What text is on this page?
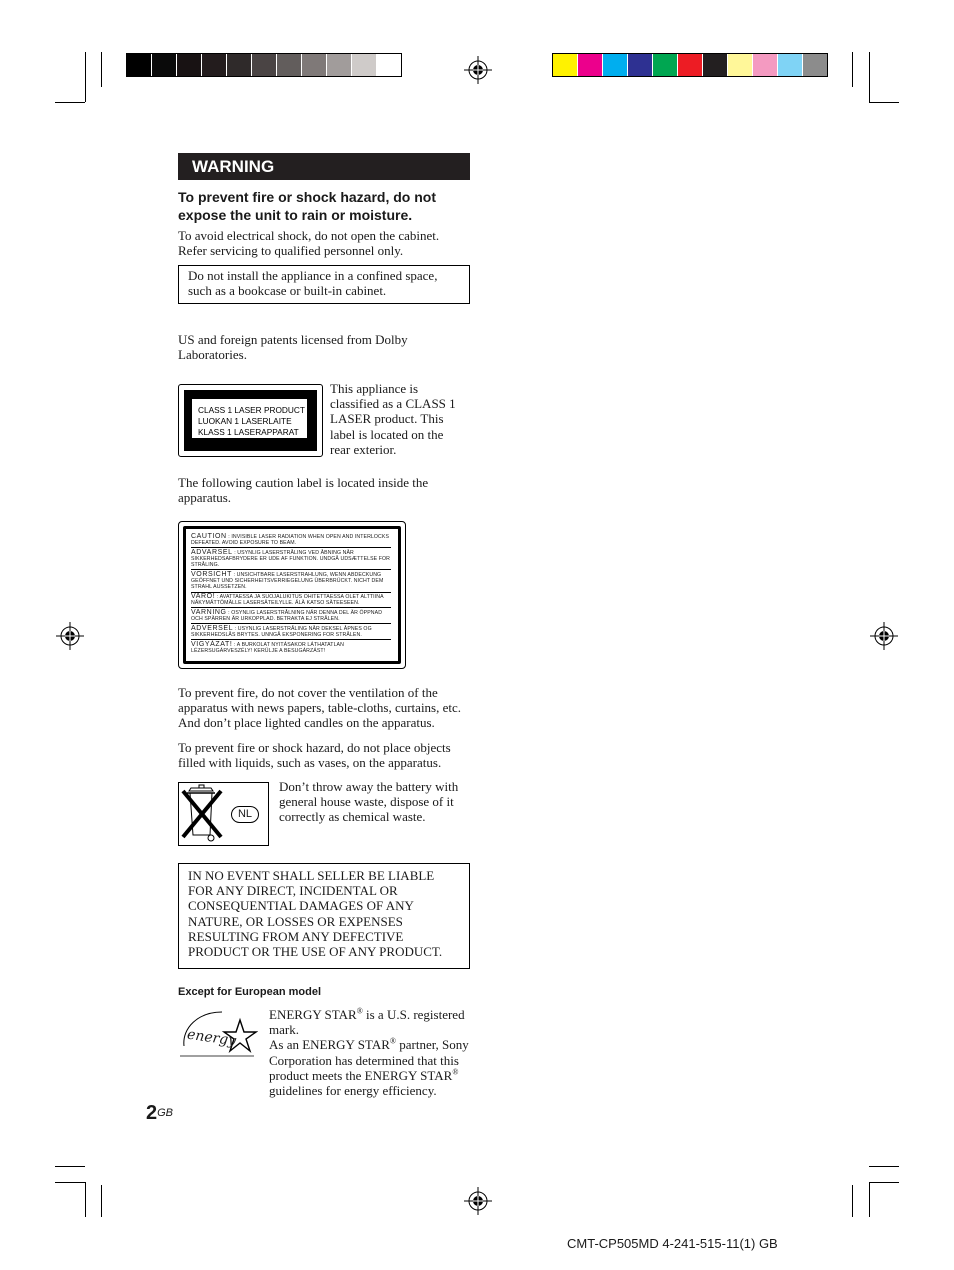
WARNING
To prevent fire or shock hazard, do not expose the unit to rain or moisture.
To avoid electrical shock, do not open the cabinet. Refer servicing to qualified personnel only.
Do not install the appliance in a confined space, such as a bookcase or built-in cabinet.
US and foreign patents licensed from Dolby Laboratories.
CLASS 1 LASER PRODUCT
LUOKAN 1 LASERLAITE
KLASS 1 LASERAPPARAT
This appliance is classified as a CLASS 1 LASER product. This label is located on the rear exterior.
The following caution label is located inside the apparatus.

CAUTION : INVISIBLE LASER RADIATION WHEN OPEN AND INTERLOCKS DEFEATED. AVOID EXPOSURE TO BEAM.

ADVARSEL : USYNLIG LASERSTRÅLING VED ÅBNING NÅR SIKKERHEDSAFBRYDERE ER UDE AF FUNKTION. UNDGÅ UDSÆTTELSE FOR STRÅLING.

VORSICHT : UNSICHTBARE LASERSTRAHLUNG, WENN ABDECKUNG GEÖFFNET UND SICHERHEITSVERRIEGELUNG ÜBERBRÜCKT. NICHT DEM STRAHL AUSSETZEN.

VARO! : AVATTAESSA JA SUOJALUKITUS OHITETTAESSA OLET ALTTIINA NÄKYMÄTTÖMÄLLE LASERSÄTEILYLLE. ÄLÄ KATSO SÄTEESEEN.

VARNING : OSYNLIG LASERSTRÅLNING NÄR DENNA DEL ÄR ÖPPNAD OCH SPÄRREN ÄR URKOPPLAD. BETRAKTA EJ STRÅLEN.

ADVERSEL : USYNLIG LASERSTRÅLING NÅR DEKSEL ÅPNES OG SIKKERHEDSLÅS BRYTES. UNNGÅ EKSPONERING FOR STRÅLEN.

VIGYÁZAT! : A BURKOLAT NYITÁSAKOR LÁTHATATLAN LÉZERSUGÁRVESZÉLY! KERÜLJE A BESUGÁRZÁST!

To prevent fire, do not cover the ventilation of the apparatus with news papers, table-cloths, curtains, etc. And don’t place lighted candles on the apparatus.
To prevent fire or shock hazard, do not place objects filled with liquids, such as vases, on the apparatus.
NL
Don’t throw away the battery with general house waste, dispose of it correctly as chemical waste.
IN NO EVENT SHALL SELLER BE LIABLE FOR ANY DIRECT, INCIDENTAL OR CONSEQUENTIAL DAMAGES OF ANY NATURE, OR LOSSES OR EXPENSES RESULTING FROM ANY DEFECTIVE PRODUCT OR THE USE OF ANY PRODUCT.
Except for European model
energy
ENERGY STAR® is a U.S. registered mark.
As an ENERGY STAR® partner, Sony Corporation has determined that this product meets the ENERGY STAR® guidelines for energy efficiency.
$2^{GB}$
CMT-CP505MD 4-241-515-11(1) GB
